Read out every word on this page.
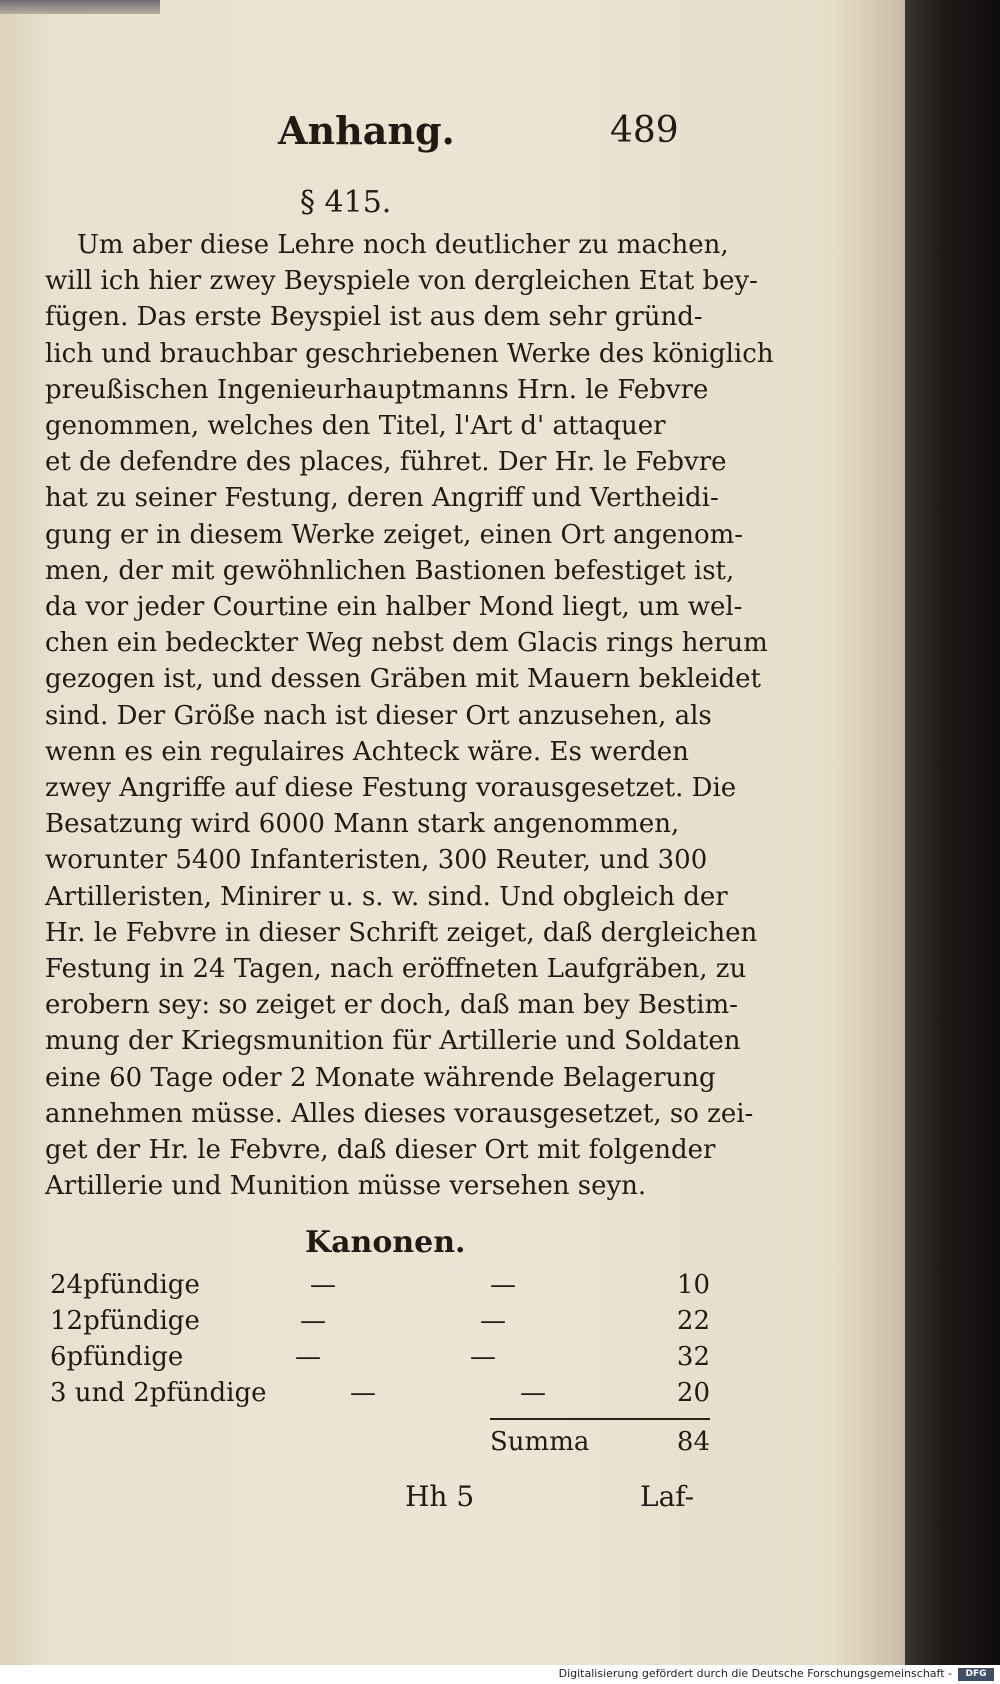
Anhang.	489
§ 415.
Um aber diese Lehre noch deutlicher zu machen,
will ich hier zwey Beyspiele von dergleichen Etat bey-
fügen. Das erste Beyspiel ist aus dem sehr gründ-
lich und brauchbar geschriebenen Werke des königlich
preußischen Ingenieurhauptmanns Hrn. le Febvre
genommen, welches den Titel, l'Art d' attaquer
et de defendre des places, führet. Der Hr. le Febvre
hat zu seiner Festung, deren Angriff und Vertheidi-
gung er in diesem Werke zeiget, einen Ort angenom-
men, der mit gewöhnlichen Bastionen befestiget ist,
da vor jeder Courtine ein halber Mond liegt, um wel-
chen ein bedeckter Weg nebst dem Glacis rings herum
gezogen ist, und dessen Gräben mit Mauern bekleidet
sind. Der Größe nach ist dieser Ort anzusehen, als
wenn es ein regulaires Achteck wäre. Es werden
zwey Angriffe auf diese Festung vorausgesetzet. Die
Besatzung wird 6000 Mann stark angenommen,
worunter 5400 Infanteristen, 300 Reuter, und 300
Artilleristen, Minirer u. s. w. sind. Und obgleich der
Hr. le Febvre in dieser Schrift zeiget, daß dergleichen
Festung in 24 Tagen, nach eröffneten Laufgräben, zu
erobern sey: so zeiget er doch, daß man bey Bestim-
mung der Kriegsmunition für Artillerie und Soldaten
eine 60 Tage oder 2 Monate währende Belagerung
annehmen müsse. Alles dieses vorausgesetzet, so zei-
get der Hr. le Febvre, daß dieser Ort mit folgender
Artillerie und Munition müsse versehen seyn.
Kanonen.
24pfündige	—	—	10
12pfündige	—	—	22
6pfündige	—	—	32
3 und 2pfündige	—	—	20
Summa	84
Hh 5	Laf-
Digitalisierung gefördert durch die Deutsche Forschungsgemeinschaft -	DFG
